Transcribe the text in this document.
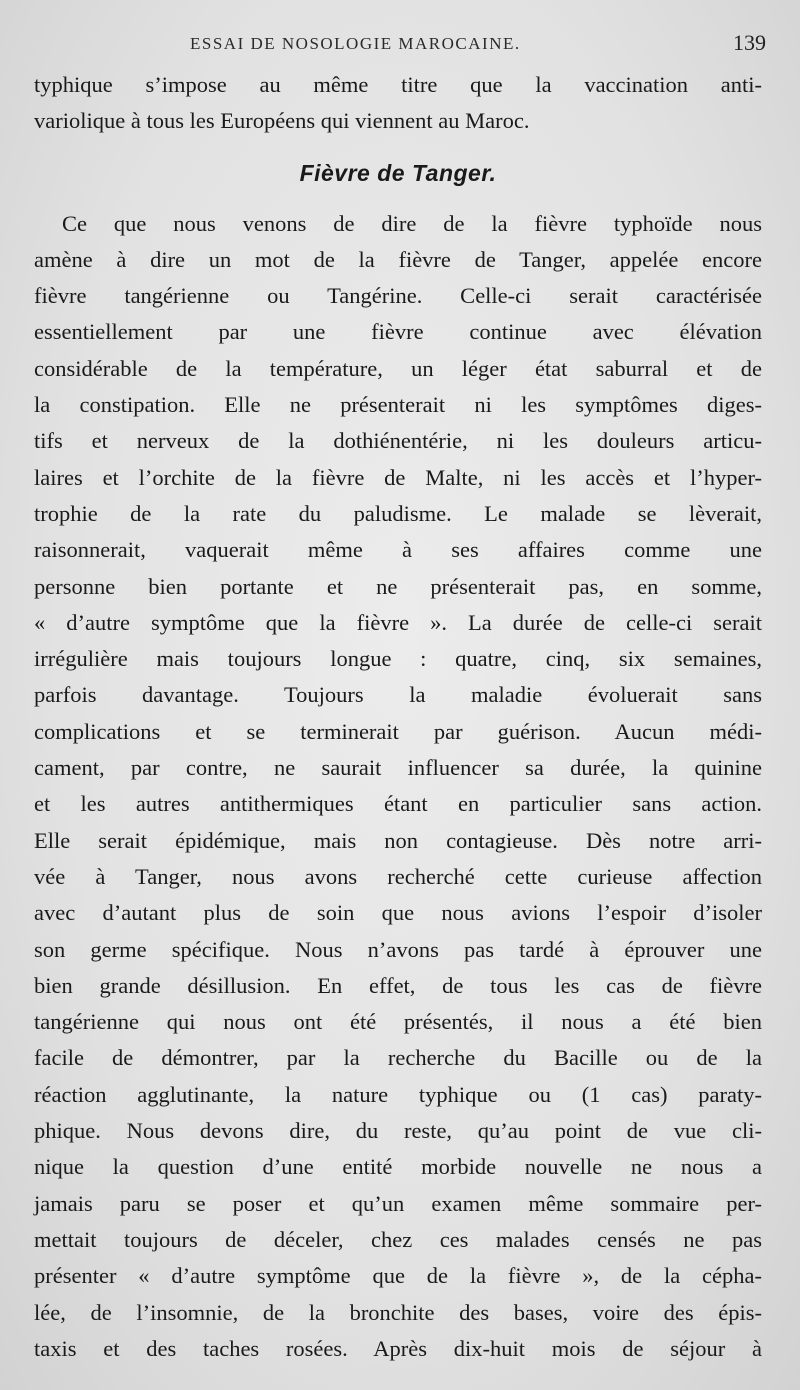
ESSAI DE NOSOLOGIE MAROCAINE.	139
typhique s’impose au même titre que la vaccination anti-
variolique à tous les Européens qui viennent au Maroc.
Fièvre de Tanger.
Ce que nous venons de dire de la fièvre typhoïde nous
amène à dire un mot de la fièvre de Tanger, appelée encore
fièvre tangérienne ou Tangérine. Celle-ci serait caractérisée
essentiellement par une fièvre continue avec élévation
considérable de la température, un léger état saburral et de
la constipation. Elle ne présenterait ni les symptômes diges-
tifs et nerveux de la dothiénentérie, ni les douleurs articu-
laires et l’orchite de la fièvre de Malte, ni les accès et l’hyper-
trophie de la rate du paludisme. Le malade se lèverait,
raisonnerait, vaquerait même à ses affaires comme une
personne bien portante et ne présenterait pas, en somme,
« d’autre symptôme que la fièvre ». La durée de celle-ci serait
irrégulière mais toujours longue : quatre, cinq, six semaines,
parfois davantage. Toujours la maladie évoluerait sans
complications et se terminerait par guérison. Aucun médi-
cament, par contre, ne saurait influencer sa durée, la quinine
et les autres antithermiques étant en particulier sans action.
Elle serait épidémique, mais non contagieuse. Dès notre arri-
vée à Tanger, nous avons recherché cette curieuse affection
avec d’autant plus de soin que nous avions l’espoir d’isoler
son germe spécifique. Nous n’avons pas tardé à éprouver une
bien grande désillusion. En effet, de tous les cas de fièvre
tangérienne qui nous ont été présentés, il nous a été bien
facile de démontrer, par la recherche du Bacille ou de la
réaction agglutinante, la nature typhique ou (1 cas) paraty-
phique. Nous devons dire, du reste, qu’au point de vue cli-
nique la question d’une entité morbide nouvelle ne nous a
jamais paru se poser et qu’un examen même sommaire per-
mettait toujours de déceler, chez ces malades censés ne pas
présenter « d’autre symptôme que de la fièvre », de la cépha-
lée, de l’insomnie, de la bronchite des bases, voire des épis-
taxis et des taches rosées. Après dix-huit mois de séjour à
